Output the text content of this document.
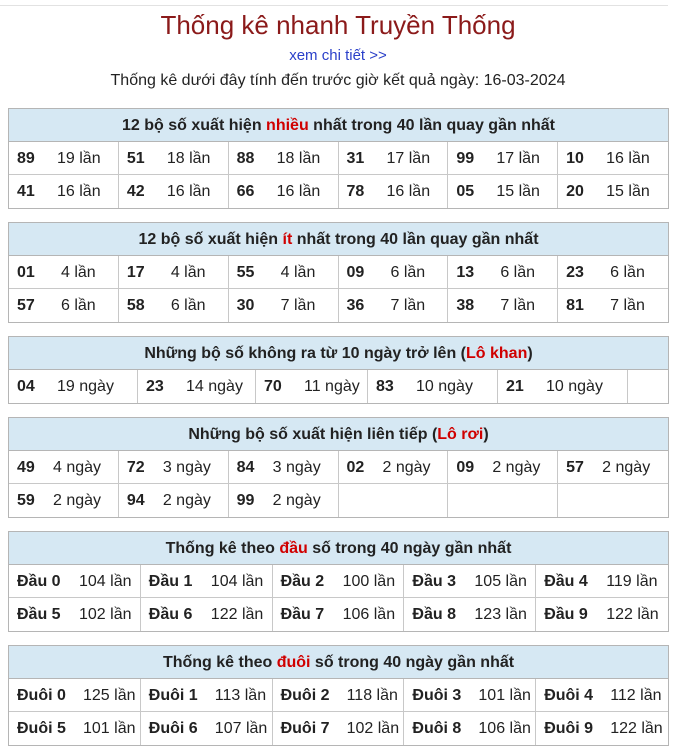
Thống kê nhanh Truyền Thống
xem chi tiết >>
Thống kê dưới đây tính đến trước giờ kết quả ngày: 16-03-2024
12 bộ số xuất hiện nhiều nhất trong 40 lần quay gần nhất
89	19 lần 51	18 lần 88	18 lần 31	17 lần 99	17 lần 10	16 lần
41	16 lần 42	16 lần 66	16 lần 78	16 lần 05	15 lần 20	15 lần
12 bộ số xuất hiện ít nhất trong 40 lần quay gần nhất
01	4 lần 17	4 lần 55	4 lần 09	6 lần 13	6 lần 23	6 lần
57	6 lần 58	6 lần 30	7 lần 36	7 lần 38	7 lần 81	7 lần
Những bộ số không ra từ 10 ngày trở lên (Lô khan)
04	19 ngày 23	14 ngày 70	11 ngày 83	10 ngày 21	10 ngày
Những bộ số xuất hiện liên tiếp (Lô rơi)
49	4 ngày 72	3 ngày 84	3 ngày 02	2 ngày 09	2 ngày 57	2 ngày
59	2 ngày 94	2 ngày 99	2 ngày
Thống kê theo đầu số trong 40 ngày gần nhất
Đầu 0	104 lần Đầu 1	104 lần Đầu 2	100 lần Đầu 3	105 lần Đầu 4	119 lần
Đầu 5	102 lần Đầu 6	122 lần Đầu 7	106 lần Đầu 8	123 lần Đầu 9	122 lần
Thống kê theo đuôi số trong 40 ngày gần nhất
Đuôi 0	125 lần Đuôi 1	113 lần Đuôi 2	118 lần Đuôi 3	101 lần Đuôi 4	112 lần
Đuôi 5	101 lần Đuôi 6	107 lần Đuôi 7	102 lần Đuôi 8	106 lần Đuôi 9	122 lần
